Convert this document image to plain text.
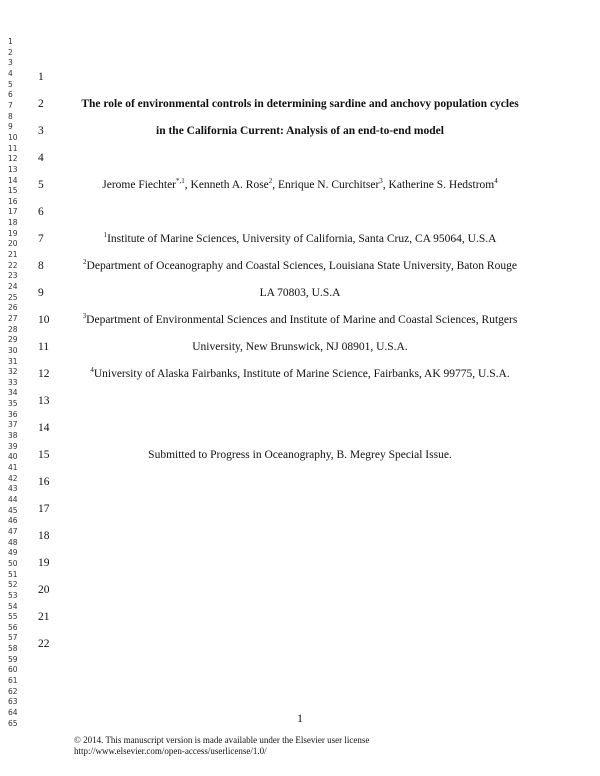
1
2
3
4
5
6
7
8
9
10
11
12
13
14
15
16
17
18
19
20
21
22
23
24
25
26
27
28
29
30
31
32
33
34
35
36
37
38
39
40
41
42
43
44
45
46
47
48
49
50
51
52
53
54
55
56
57
58
59
60
61
62
63
64
65
1
2
3
4
5
6
7
8
9
10
11
12
13
14
15
16
17
18
19
20
21
22
The role of environmental controls in determining sardine and anchovy population cycles
in the California Current: Analysis of an end-to-end model
Jerome Fiechter$^{*,1}$, Kenneth A. Rose$^2$, Enrique N. Curchitser$^3$, Katherine S. Hedstrom$^4$
$^1$Institute of Marine Sciences, University of California, Santa Cruz, CA 95064, U.S.A
$^2$Department of Oceanography and Coastal Sciences, Louisiana State University, Baton Rouge
LA 70803, U.S.A
$^3$Department of Environmental Sciences and Institute of Marine and Coastal Sciences, Rutgers
University, New Brunswick, NJ 08901, U.S.A.
$^4$University of Alaska Fairbanks, Institute of Marine Science, Fairbanks, AK 99775, U.S.A.
Submitted to Progress in Oceanography, B. Megrey Special Issue.
1
© 2014. This manuscript version is made available under the Elsevier user license
http://www.elsevier.com/open-access/userlicense/1.0/
